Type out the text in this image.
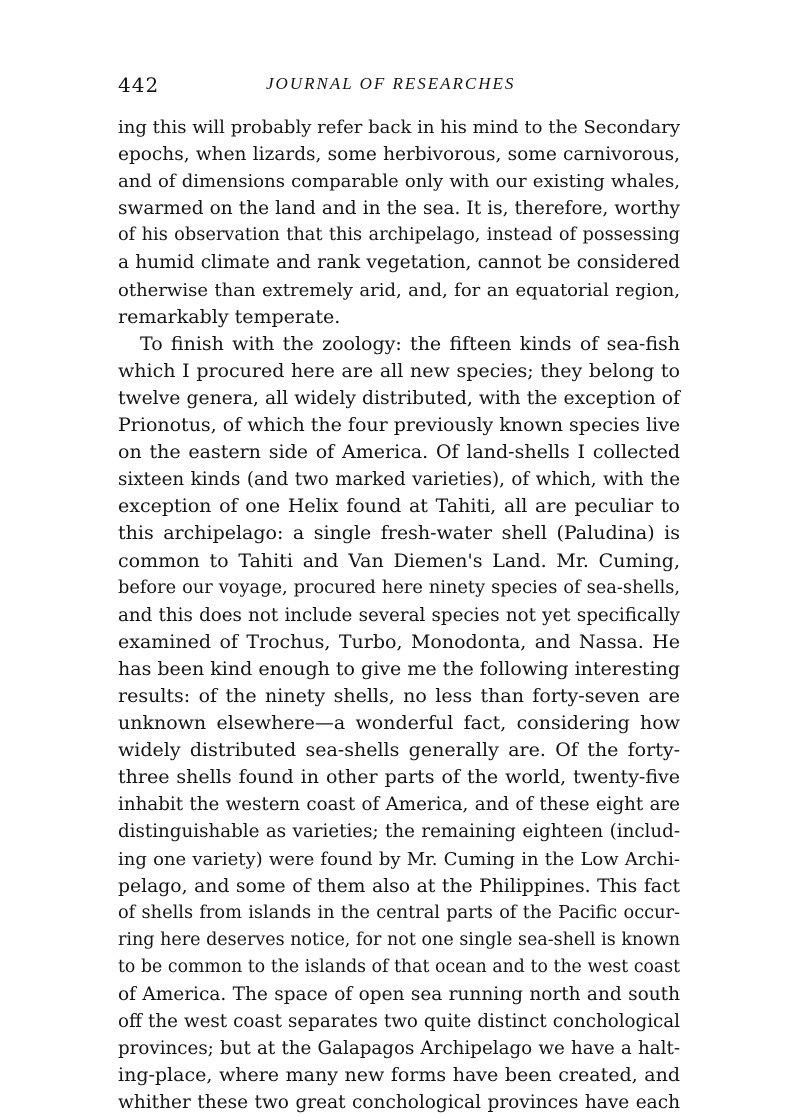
442	JOURNAL OF RESEARCHES
ing this will probably refer back in his mind to the Secondary
epochs, when lizards, some herbivorous, some carnivorous,
and of dimensions comparable only with our existing whales,
swarmed on the land and in the sea. It is, therefore, worthy
of his observation that this archipelago, instead of possessing
a humid climate and rank vegetation, cannot be considered
otherwise than extremely arid, and, for an equatorial region,
remarkably temperate.
To finish with the zoology: the fifteen kinds of sea-fish
which I procured here are all new species; they belong to
twelve genera, all widely distributed, with the exception of
Prionotus, of which the four previously known species live
on the eastern side of America. Of land-shells I collected
sixteen kinds (and two marked varieties), of which, with the
exception of one Helix found at Tahiti, all are peculiar to
this archipelago: a single fresh-water shell (Paludina) is
common to Tahiti and Van Diemen's Land. Mr. Cuming,
before our voyage, procured here ninety species of sea-shells,
and this does not include several species not yet specifically
examined of Trochus, Turbo, Monodonta, and Nassa. He
has been kind enough to give me the following interesting
results: of the ninety shells, no less than forty-seven are
unknown elsewhere—a wonderful fact, considering how
widely distributed sea-shells generally are. Of the forty-
three shells found in other parts of the world, twenty-five
inhabit the western coast of America, and of these eight are
distinguishable as varieties; the remaining eighteen (includ-
ing one variety) were found by Mr. Cuming in the Low Archi-
pelago, and some of them also at the Philippines. This fact
of shells from islands in the central parts of the Pacific occur-
ring here deserves notice, for not one single sea-shell is known
to be common to the islands of that ocean and to the west coast
of America. The space of open sea running north and south
off the west coast separates two quite distinct conchological
provinces; but at the Galapagos Archipelago we have a halt-
ing-place, where many new forms have been created, and
whither these two great conchological provinces have each
